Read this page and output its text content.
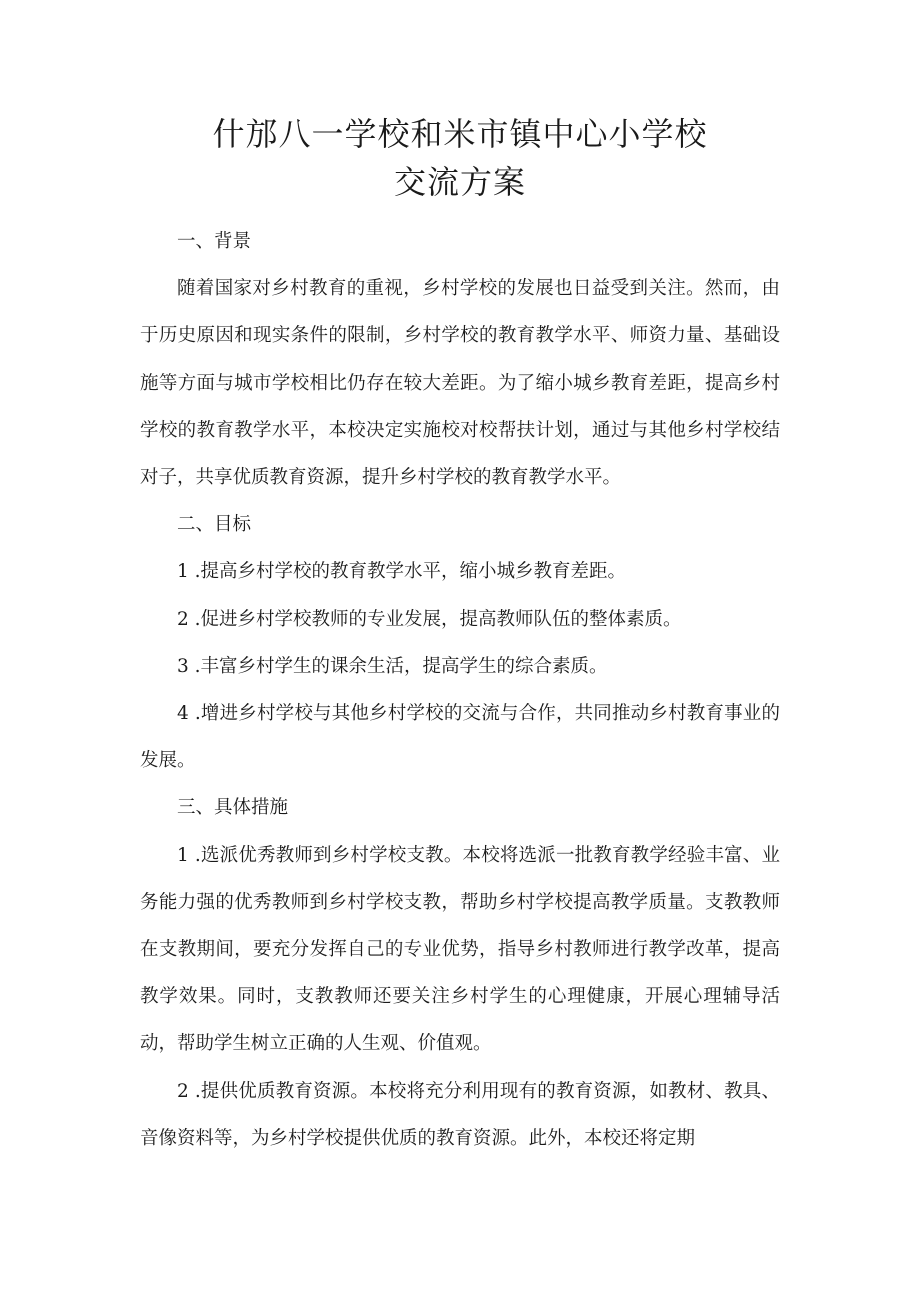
什邡八一学校和米市镇中心小学校
交流方案

一、背景

随着国家对乡村教育的重视，乡村学校的发展也日益受到关注。然而，由于历史原因和现实条件的限制，乡村学校的教育教学水平、师资力量、基础设施等方面与城市学校相比仍存在较大差距。为了缩小城乡教育差距，提高乡村学校的教育教学水平，本校决定实施校对校帮扶计划，通过与其他乡村学校结对子，共享优质教育资源，提升乡村学校的教育教学水平。

二、目标

1 .提高乡村学校的教育教学水平，缩小城乡教育差距。

2 .促进乡村学校教师的专业发展，提高教师队伍的整体素质。

3 .丰富乡村学生的课余生活，提高学生的综合素质。

4 .增进乡村学校与其他乡村学校的交流与合作，共同推动乡村教育事业的发展。

三、具体措施

1 .选派优秀教师到乡村学校支教。本校将选派一批教育教学经验丰富、业务能力强的优秀教师到乡村学校支教，帮助乡村学校提高教学质量。支教教师在支教期间，要充分发挥自己的专业优势，指导乡村教师进行教学改革，提高教学效果。同时，支教教师还要关注乡村学生的心理健康，开展心理辅导活动，帮助学生树立正确的人生观、价值观。

2 .提供优质教育资源。本校将充分利用现有的教育资源，如教材、教具、音像资料等，为乡村学校提供优质的教育资源。此外，本校还将定期
